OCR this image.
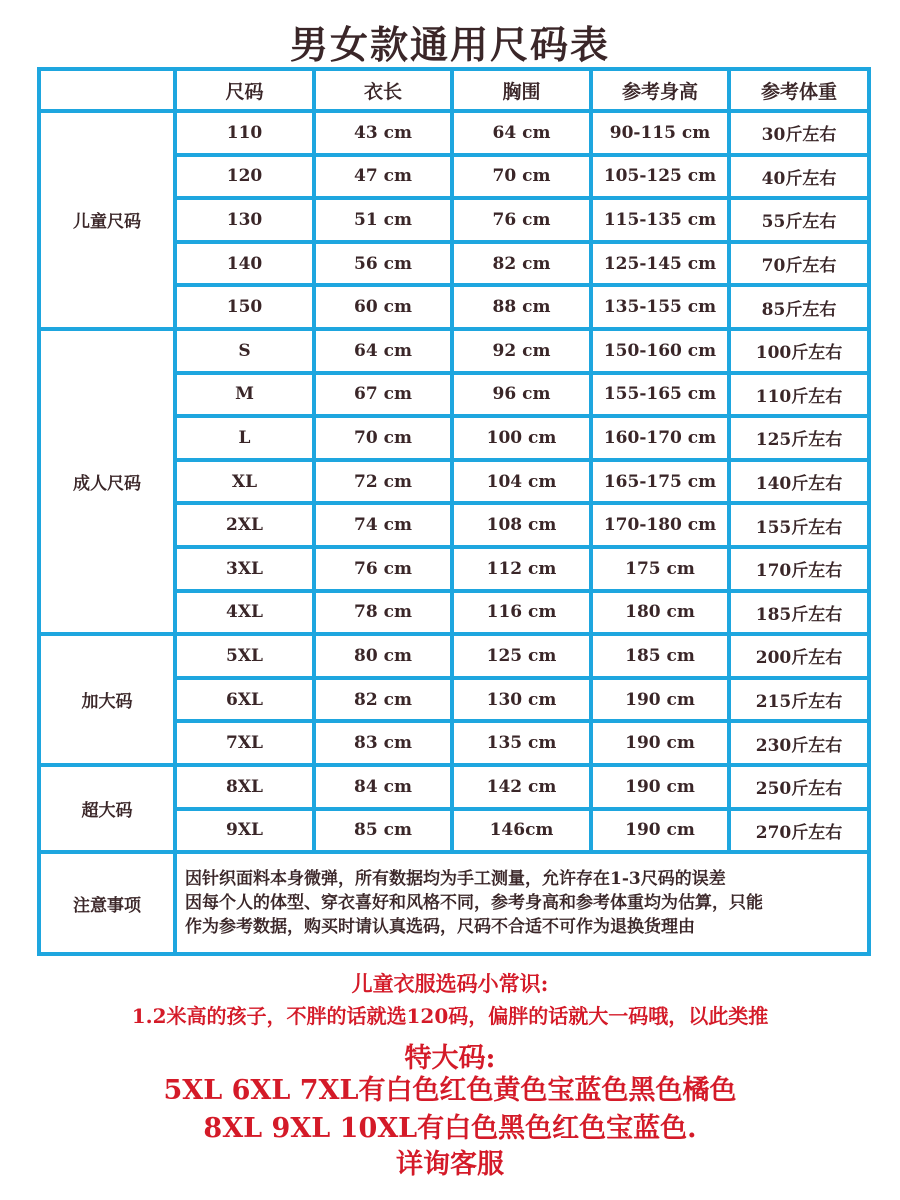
男女款通用尺码表
	尺码	衣长	胸围	参考身高	参考体重
儿童尺码	110	43 cm	64 cm	90-115 cm	30斤左右
	120	47 cm	70 cm	105-125 cm	40斤左右
	130	51 cm	76 cm	115-135 cm	55斤左右
	140	56 cm	82 cm	125-145 cm	70斤左右
	150	60 cm	88 cm	135-155 cm	85斤左右
成人尺码	S	64 cm	92 cm	150-160 cm	100斤左右
	M	67 cm	96 cm	155-165 cm	110斤左右
	L	70 cm	100 cm	160-170 cm	125斤左右
	XL	72 cm	104 cm	165-175 cm	140斤左右
	2XL	74 cm	108 cm	170-180 cm	155斤左右
	3XL	76 cm	112 cm	175 cm	170斤左右
	4XL	78 cm	116 cm	180 cm	185斤左右
加大码	5XL	80 cm	125 cm	185 cm	200斤左右
	6XL	82 cm	130 cm	190 cm	215斤左右
	7XL	83 cm	135 cm	190 cm	230斤左右
超大码	8XL	84 cm	142 cm	190 cm	250斤左右
	9XL	85 cm	146cm	190 cm	270斤左右
注意事项	因针织面料本身微弹，所有数据均为手工测量，允许存在1-3尺码的误差
因每个人的体型、穿衣喜好和风格不同，参考身高和参考体重均为估算，只能
作为参考数据，购买时请认真选码，尺码不合适不可作为退换货理由				
儿童衣服选码小常识:
1.2米高的孩子，不胖的话就选120码，偏胖的话就大一码哦，以此类推
特大码:
5XL 6XL 7XL有白色红色黄色宝蓝色黑色橘色
8XL 9XL 10XL有白色黑色红色宝蓝色.
详询客服
